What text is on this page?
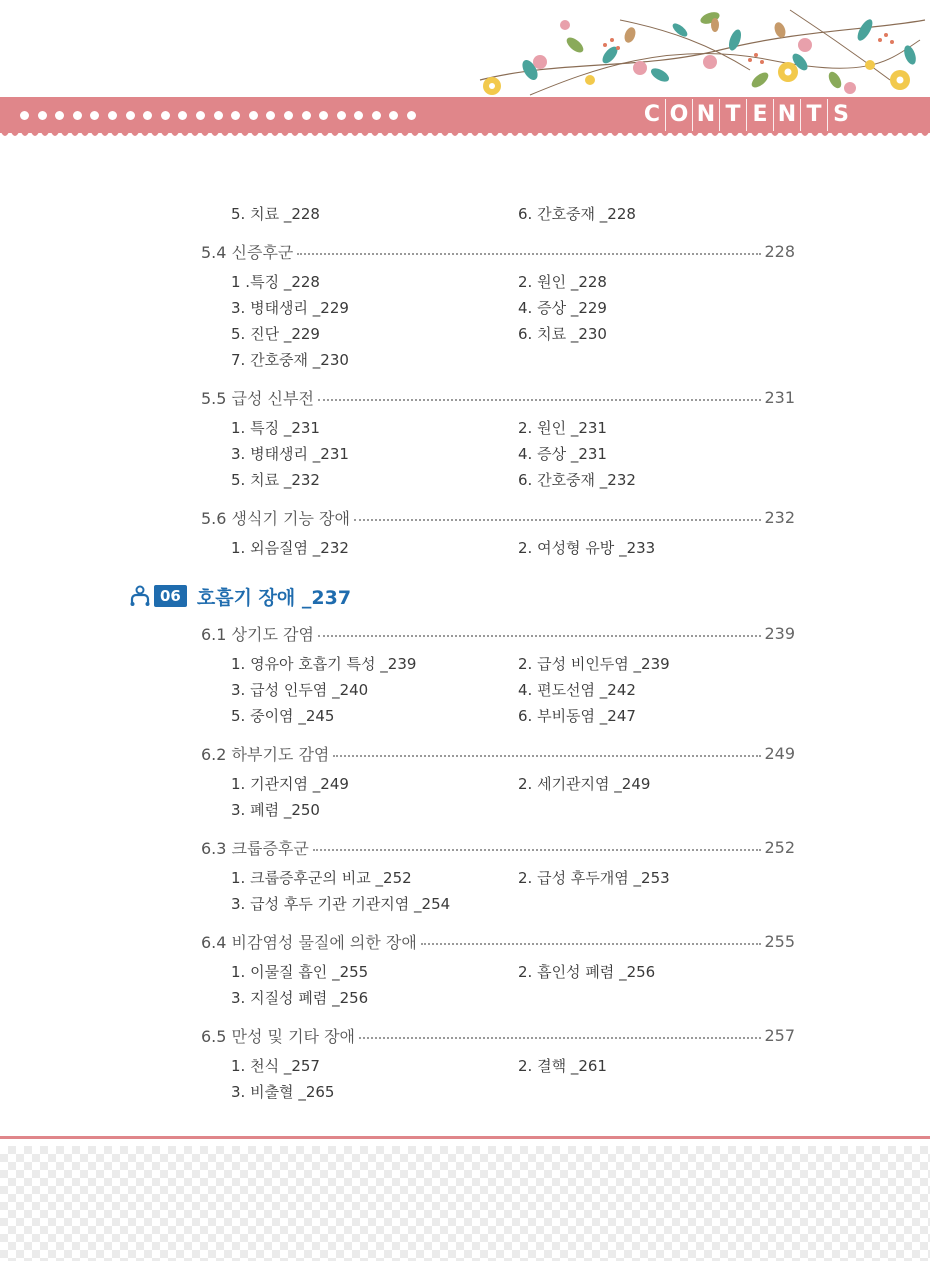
C O N T E N T S
5. 치료 _228	6. 간호중재 _228
5.4 신증후군	228
1 .특징 _228	2. 원인 _228
3. 병태생리 _229	4. 증상 _229
5. 진단 _229	6. 치료 _230
7. 간호중재 _230
5.5 급성 신부전	231
1. 특징 _231	2. 원인 _231
3. 병태생리 _231	4. 증상 _231
5. 치료 _232	6. 간호중재 _232
5.6 생식기 기능 장애	232
1. 외음질염 _232	2. 여성형 유방 _233
06 호흡기 장애 _237
6.1 상기도 감염	239
1. 영유아 호흡기 특성 _239	2. 급성 비인두염 _239
3. 급성 인두염 _240	4. 편도선염 _242
5. 중이염 _245	6. 부비동염 _247
6.2 하부기도 감염	249
1. 기관지염 _249	2. 세기관지염 _249
3. 폐렴 _250
6.3 크룹증후군	252
1. 크룹증후군의 비교 _252	2. 급성 후두개염 _253
3. 급성 후두 기관 기관지염 _254
6.4 비감염성 물질에 의한 장애	255
1. 이물질 흡인 _255	2. 흡인성 폐렴 _256
3. 지질성 폐렴 _256
6.5 만성 및 기타 장애	257
1. 천식 _257	2. 결핵 _261
3. 비출혈 _265
